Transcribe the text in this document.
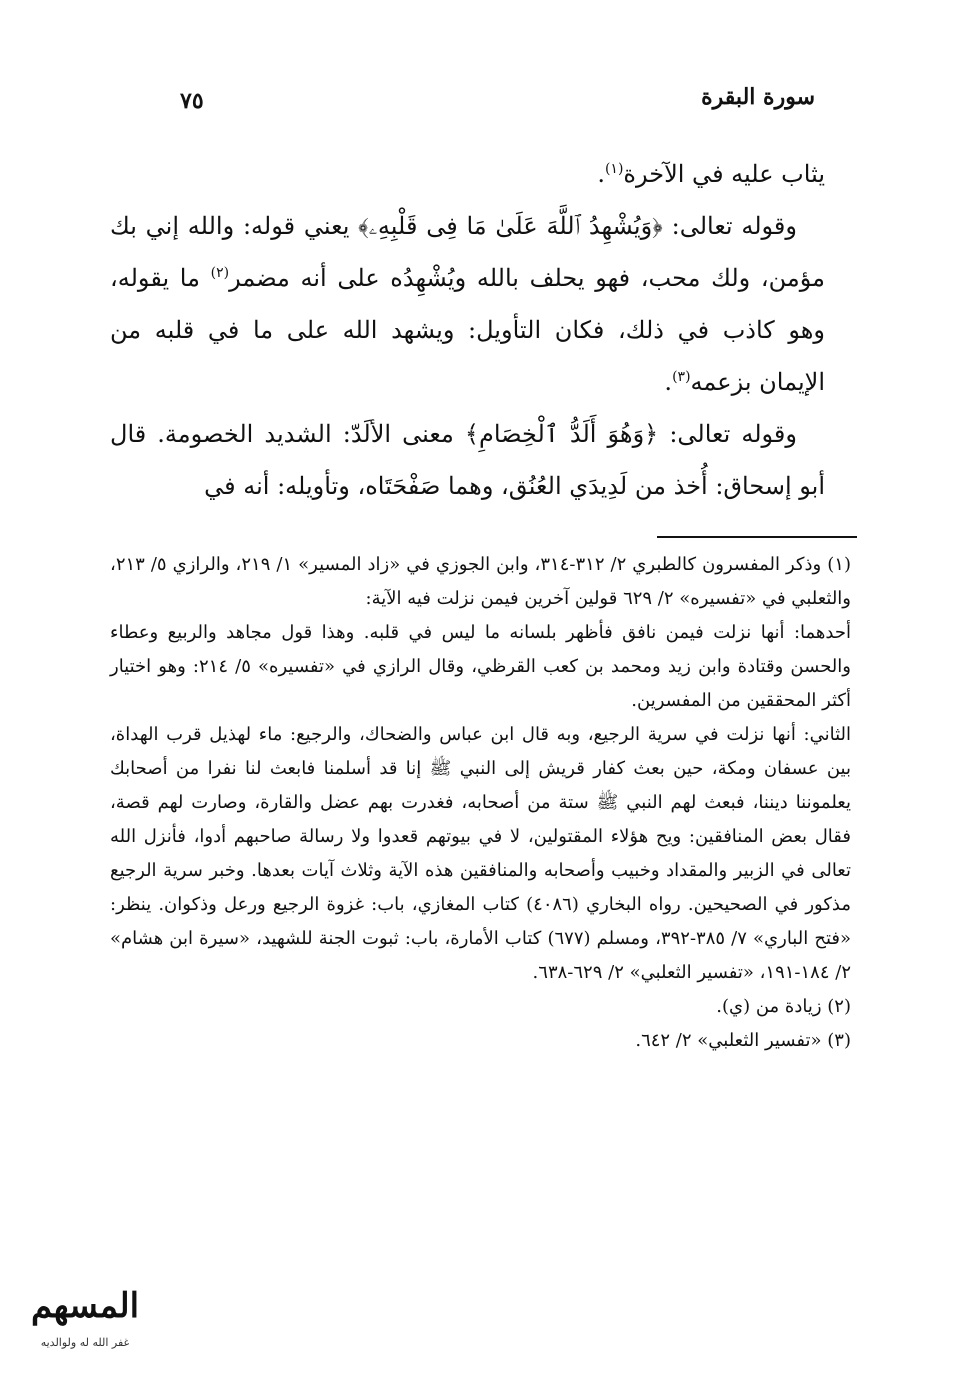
سورة البقرة
٧٥

يثاب عليه في الآخرة$^{(١)}$.

وقوله تعالى: ﴿وَيُشْهِدُ ٱللَّهَ عَلَىٰ مَا فِى قَلْبِهِۦ﴾ يعني قوله: والله إني بك مؤمن، ولك محب، فهو يحلف بالله ويُشْهِدُه على أنه مضمر$^{(٢)}$ ما يقوله، وهو كاذب في ذلك، فكان التأويل: ويشهد الله على ما في قلبه من الإيمان بزعمه$^{(٣)}$.

وقوله تعالى: ﴿وَهُوَ أَلَدُّ ٱلْخِصَامِ﴾ معنى الألَدّ: الشديد الخصومة. قال أبو إسحاق: أُخذ من لَدِيدَي العُنُق، وهما صَفْحَتَاه، وتأويله: أنه في

(١) وذكر المفسرون كالطبري ٢/ ٣١٢-٣١٤، وابن الجوزي في «زاد المسير» ١/ ٢١٩، والرازي ٥/ ٢١٣، والثعلبي في «تفسيره» ٢/ ٦٢٩ قولين آخرين فيمن نزلت فيه الآية:

أحدهما: أنها نزلت فيمن نافق فأظهر بلسانه ما ليس في قلبه. وهذا قول مجاهد والربيع وعطاء والحسن وقتادة وابن زيد ومحمد بن كعب القرظي، وقال الرازي في «تفسيره» ٥/ ٢١٤: وهو اختيار أكثر المحققين من المفسرين.

الثاني: أنها نزلت في سرية الرجيع، وبه قال ابن عباس والضحاك، والرجيع: ماء لهذيل قرب الهداة، بين عسفان ومكة، حين بعث كفار قريش إلى النبي ﷺ إنا قد أسلمنا فابعث لنا نفرا من أصحابك يعلموننا ديننا، فبعث لهم النبي ﷺ ستة من أصحابه، فغدرت بهم عضل والقارة، وصارت لهم قصة، فقال بعض المنافقين: ويح هؤلاء المقتولين، لا في بيوتهم قعدوا ولا رسالة صاحبهم أدوا، فأنزل الله تعالى في الزبير والمقداد وخبيب وأصحابه والمنافقين هذه الآية وثلاث آيات بعدها. وخبر سرية الرجيع مذكور في الصحيحين. رواه البخاري (٤٠٨٦) كتاب المغازي، باب: غزوة الرجيع ورعل وذكوان. ينظر: «فتح الباري» ٧/ ٣٨٥-٣٩٢، ومسلم (٦٧٧) كتاب الأمارة، باب: ثبوت الجنة للشهيد، «سيرة ابن هشام» ٢/ ١٨٤-١٩١، «تفسير الثعلبي» ٢/ ٦٢٩-٦٣٨.

(٢) زيادة من (ي).

(٣) «تفسير الثعلبي» ٢/ ٦٤٢.

المسهم
غفر الله له ولوالديه
